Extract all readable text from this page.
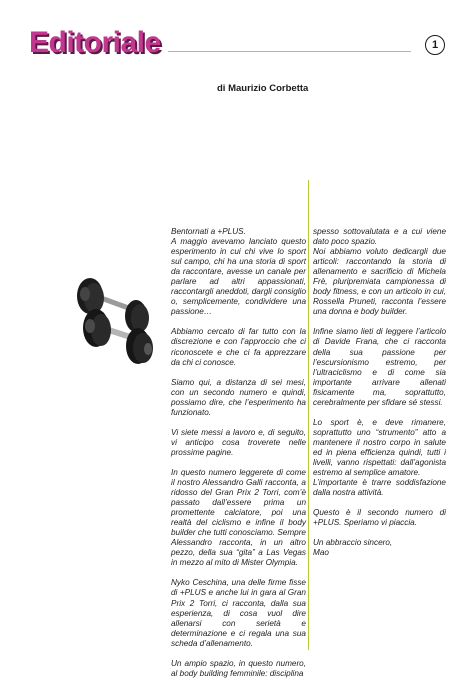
Editoriale	1
di Maurizio Corbetta
Bentornati a +PLUS.

A maggio avevamo lanciato questo esperimento in cui chi vive lo sport sul campo, chi ha una storia di sport da raccontare, avesse un canale per parlare ad altri appassionati, raccontargli aneddoti, dargli consiglio o, semplicemente, condividere una passione…

Abbiamo cercato di far tutto con la discrezione e con l’approccio che ci riconoscete e che ci fa apprezzare da chi ci conosce.

Siamo qui, a distanza di sei mesi, con un secondo numero e quindi, possiamo dire, che l’esperimento ha funzionato.

Vi siete messi a lavoro e, di seguito, vi anticipo cosa troverete nelle prossime pagine.

In questo numero leggerete di come il nostro Alessandro Galli racconta, a ridosso del Gran Prix 2 Torri, com’è passato dall’essere prima un promettente calciatore, poi una realtà del ciclismo e infine il body builder che tutti conosciamo. Sempre Alessandro racconta, in un altro pezzo, della sua “gita” a Las Vegas in mezzo al mito di Mister Olympia.

Nyko Ceschina, una delle firme fisse di +PLUS e anche lui in gara al Gran Prix 2 Torri, ci racconta, dalla sua esperienza, di cosa vuol dire allenarsi con serietà e determinazione e ci regala una sua scheda d’allenamento.

Un ampio spazio, in questo numero, al body building femminile: disciplina

spesso sottovalutata e a cui viene dato poco spazio.

Noi abbiamo voluto dedicargli due articoli: raccontando la storia di allenamento e sacrificio di Michela Frè, pluripremiata campionessa di body fitness, e con un articolo in cui, Rossella Pruneti, racconta l’essere una donna e body builder.

Infine siamo lieti di leggere l’articolo di Davide Frana, che ci racconta della sua passione per l’escursionismo estremo, per l’ultraciclismo e di come sia importante arrivare allenati fisicamente ma, soprattutto, cerebralmente per sfidare sé stessi.

Lo sport è, e deve rimanere, soprattutto uno “strumento” atto a mantenere il nostro corpo in salute ed in piena efficienza quindi, tutti i livelli, vanno rispettati: dall’agonista estremo al semplice amatore.

L’importante è trarre soddisfazione dalla nostra attività.

Questo è il secondo numero di +PLUS. Speriamo vi piaccia.

Un abbraccio sincero,
Mao
